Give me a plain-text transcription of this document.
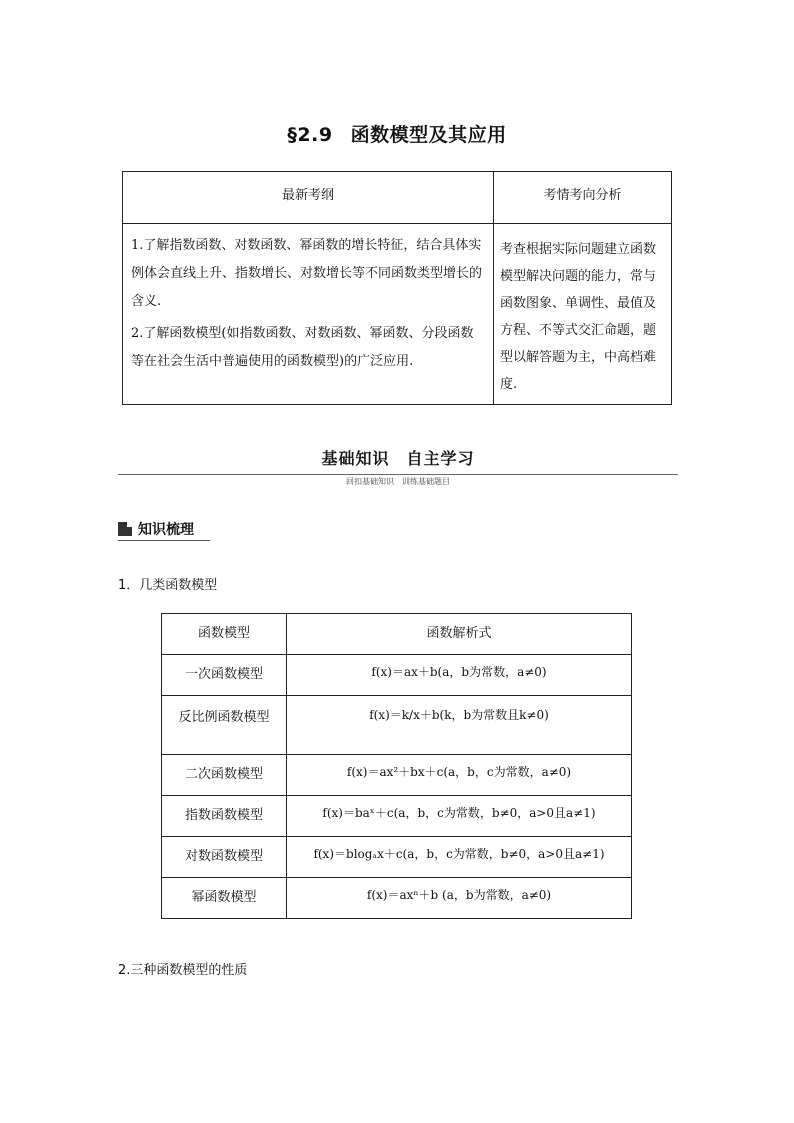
§2.9 函数模型及其应用
最新考纲	考情考向分析

1.了解指数函数、对数函数、幂函数的增长特征，结合具体实例体会直线上升、指数增长、对数增长等不同函数类型增长的含义.

2.了解函数模型(如指数函数、对数函数、幂函数、分段函数等在社会生活中普遍使用的函数模型)的广泛应用.	考查根据实际问题建立函数模型解决问题的能力，常与函数图象、单调性、最值及方程、不等式交汇命题，题型以解答题为主，中高档难度.
基础知识　自主学习
回扣基础知识　训练基础题目
知识梳理
1．几类函数模型
函数模型	函数解析式
一次函数模型	f(x)＝ax＋b(a，b为常数，a≠0)
反比例函数模型	f(x)＝k/x＋b(k，b为常数且k≠0)
二次函数模型	f(x)＝ax²＋bx＋c(a，b，c为常数，a≠0)
指数函数模型	f(x)＝baˣ＋c(a，b，c为常数，b≠0，a>0且a≠1)
对数函数模型	f(x)＝blogₐx＋c(a，b，c为常数，b≠0，a>0且a≠1)
幂函数模型	f(x)＝axⁿ＋b (a，b为常数，a≠0)
2.三种函数模型的性质
